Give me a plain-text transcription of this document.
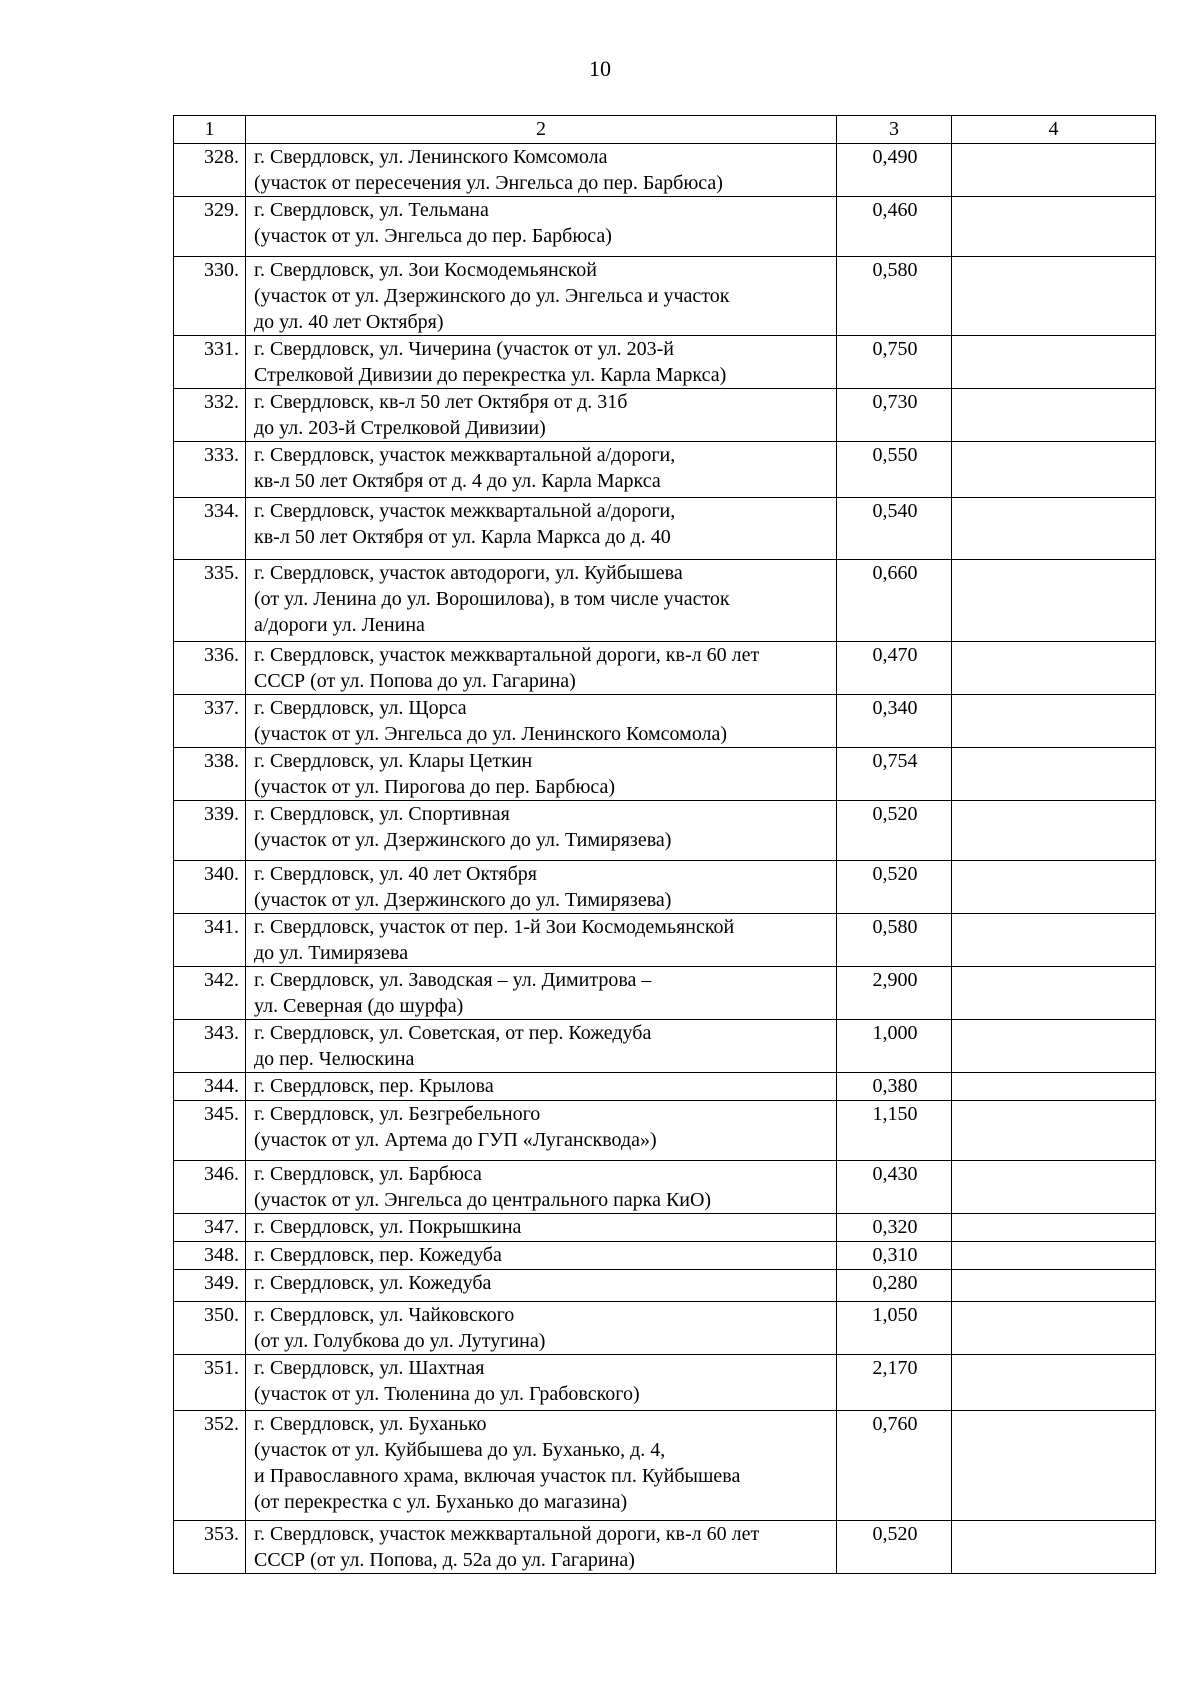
10
1	2	3	4
328.	г. Свердловск, ул. Ленинского Комсомола
(участок от пересечения ул. Энгельса до пер. Барбюса)	0,490	
329.	г. Свердловск, ул. Тельмана
(участок от ул. Энгельса до пер. Барбюса)	0,460	
330.	г. Свердловск, ул. Зои Космодемьянской
(участок от ул. Дзержинского до ул. Энгельса и участок
до ул. 40 лет Октября)	0,580	
331.	г. Свердловск, ул. Чичерина (участок от ул. 203-й
Стрелковой Дивизии до перекрестка ул. Карла Маркса)	0,750	
332.	г. Свердловск, кв-л 50 лет Октября от д. 31б
до ул. 203-й Стрелковой Дивизии)	0,730	
333.	г. Свердловск, участок межквартальной а/дороги,
кв-л 50 лет Октября от д. 4 до ул. Карла Маркса	0,550	
334.	г. Свердловск, участок межквартальной а/дороги,
кв-л 50 лет Октября от ул. Карла Маркса до д. 40	0,540	
335.	г. Свердловск, участок автодороги, ул. Куйбышева
(от ул. Ленина до ул. Ворошилова), в том числе участок
а/дороги ул. Ленина	0,660	
336.	г. Свердловск, участок межквартальной дороги, кв-л 60 лет
СССР (от ул. Попова до ул. Гагарина)	0,470	
337.	г. Свердловск, ул. Щорса
(участок от ул. Энгельса до ул. Ленинского Комсомола)	0,340	
338.	г. Свердловск, ул. Клары Цеткин
(участок от ул. Пирогова до пер. Барбюса)	0,754	
339.	г. Свердловск, ул. Спортивная
(участок от ул. Дзержинского до ул. Тимирязева)	0,520	
340.	г. Свердловск, ул. 40 лет Октября
(участок от ул. Дзержинского до ул. Тимирязева)	0,520	
341.	г. Свердловск, участок от пер. 1-й Зои Космодемьянской
до ул. Тимирязева	0,580	
342.	г. Свердловск, ул. Заводская – ул. Димитрова –
ул. Северная (до шурфа)	2,900	
343.	г. Свердловск, ул. Советская, от пер. Кожедуба
до пер. Челюскина	1,000	
344.	г. Свердловск, пер. Крылова	0,380	
345.	г. Свердловск, ул. Безгребельного
(участок от ул. Артема до ГУП «Луганскводa»)	1,150	
346.	г. Свердловск, ул. Барбюса
(участок от ул. Энгельса до центрального парка КиО)	0,430	
347.	г. Свердловск, ул. Покрышкина	0,320	
348.	г. Свердловск, пер. Кожедуба	0,310	
349.	г. Свердловск, ул. Кожедуба	0,280	
350.	г. Свердловск, ул. Чайковского
(от ул. Голубкова до ул. Лутугина)	1,050	
351.	г. Свердловск, ул. Шахтная
(участок от ул. Тюленина до ул. Грабовского)	2,170	
352.	г. Свердловск, ул. Буханько
(участок от ул. Куйбышева до ул. Буханько, д. 4,
и Православного храма, включая участок пл. Куйбышева
(от перекрестка с ул. Буханько до магазина)	0,760	
353.	г. Свердловск, участок межквартальной дороги, кв-л 60 лет
СССР (от ул. Попова, д. 52а до ул. Гагарина)	0,520	
